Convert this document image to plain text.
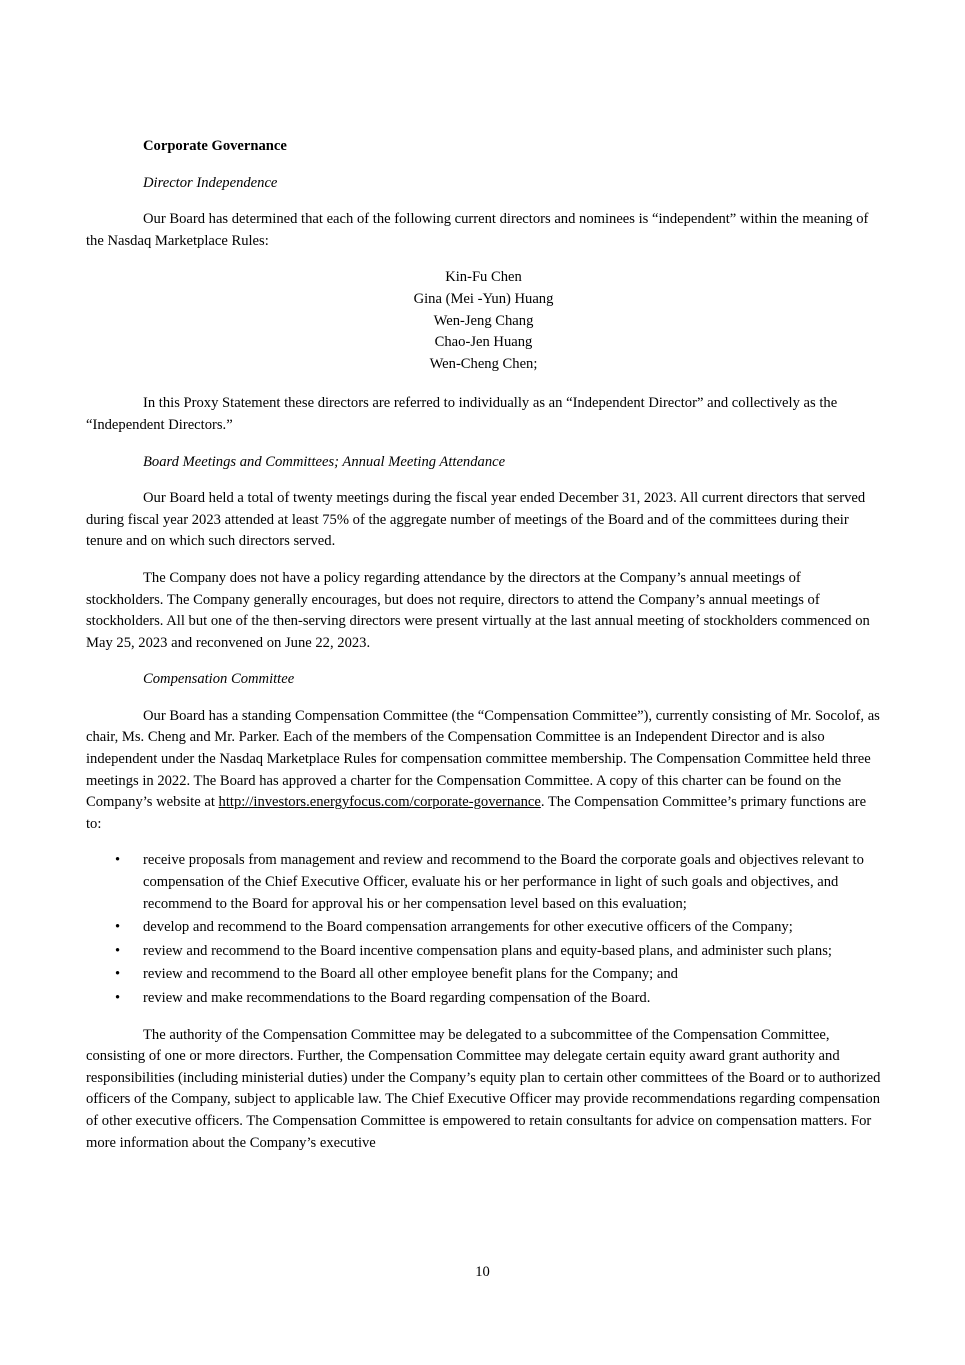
Corporate Governance
Director Independence

Our Board has determined that each of the following current directors and nominees is “independent” within the meaning of the Nasdaq Marketplace Rules:

Kin-Fu Chen
Gina (Mei -Yun) Huang
Wen-Jeng Chang
Chao-Jen Huang
Wen-Cheng Chen;

In this Proxy Statement these directors are referred to individually as an “Independent Director” and collectively as the “Independent Directors.”

Board Meetings and Committees; Annual Meeting Attendance

Our Board held a total of twenty meetings during the fiscal year ended December 31, 2023. All current directors that served during fiscal year 2023 attended at least 75% of the aggregate number of meetings of the Board and of the committees during their tenure and on which such directors served.

The Company does not have a policy regarding attendance by the directors at the Company’s annual meetings of stockholders. The Company generally encourages, but does not require, directors to attend the Company’s annual meetings of stockholders. All but one of the then-serving directors were present virtually at the last annual meeting of stockholders commenced on May 25, 2023 and reconvened on June 22, 2023.

Compensation Committee

Our Board has a standing Compensation Committee (the “Compensation Committee”), currently consisting of Mr. Socolof, as chair, Ms. Cheng and Mr. Parker. Each of the members of the Compensation Committee is an Independent Director and is also independent under the Nasdaq Marketplace Rules for compensation committee membership. The Compensation Committee held three meetings in 2022. The Board has approved a charter for the Compensation Committee. A copy of this charter can be found on the Company’s website at http://investors.energyfocus.com/corporate-governance. The Compensation Committee’s primary functions are to:

• receive proposals from management and review and recommend to the Board the corporate goals and objectives relevant to compensation of the Chief Executive Officer, evaluate his or her performance in light of such goals and objectives, and recommend to the Board for approval his or her compensation level based on this evaluation;
• develop and recommend to the Board compensation arrangements for other executive officers of the Company;
• review and recommend to the Board incentive compensation plans and equity-based plans, and administer such plans;
• review and recommend to the Board all other employee benefit plans for the Company; and
• review and make recommendations to the Board regarding compensation of the Board.

The authority of the Compensation Committee may be delegated to a subcommittee of the Compensation Committee, consisting of one or more directors. Further, the Compensation Committee may delegate certain equity award grant authority and responsibilities (including ministerial duties) under the Company’s equity plan to certain other committees of the Board or to authorized officers of the Company, subject to applicable law. The Chief Executive Officer may provide recommendations regarding compensation of other executive officers. The Compensation Committee is empowered to retain consultants for advice on compensation matters. For more information about the Company’s executive

10
